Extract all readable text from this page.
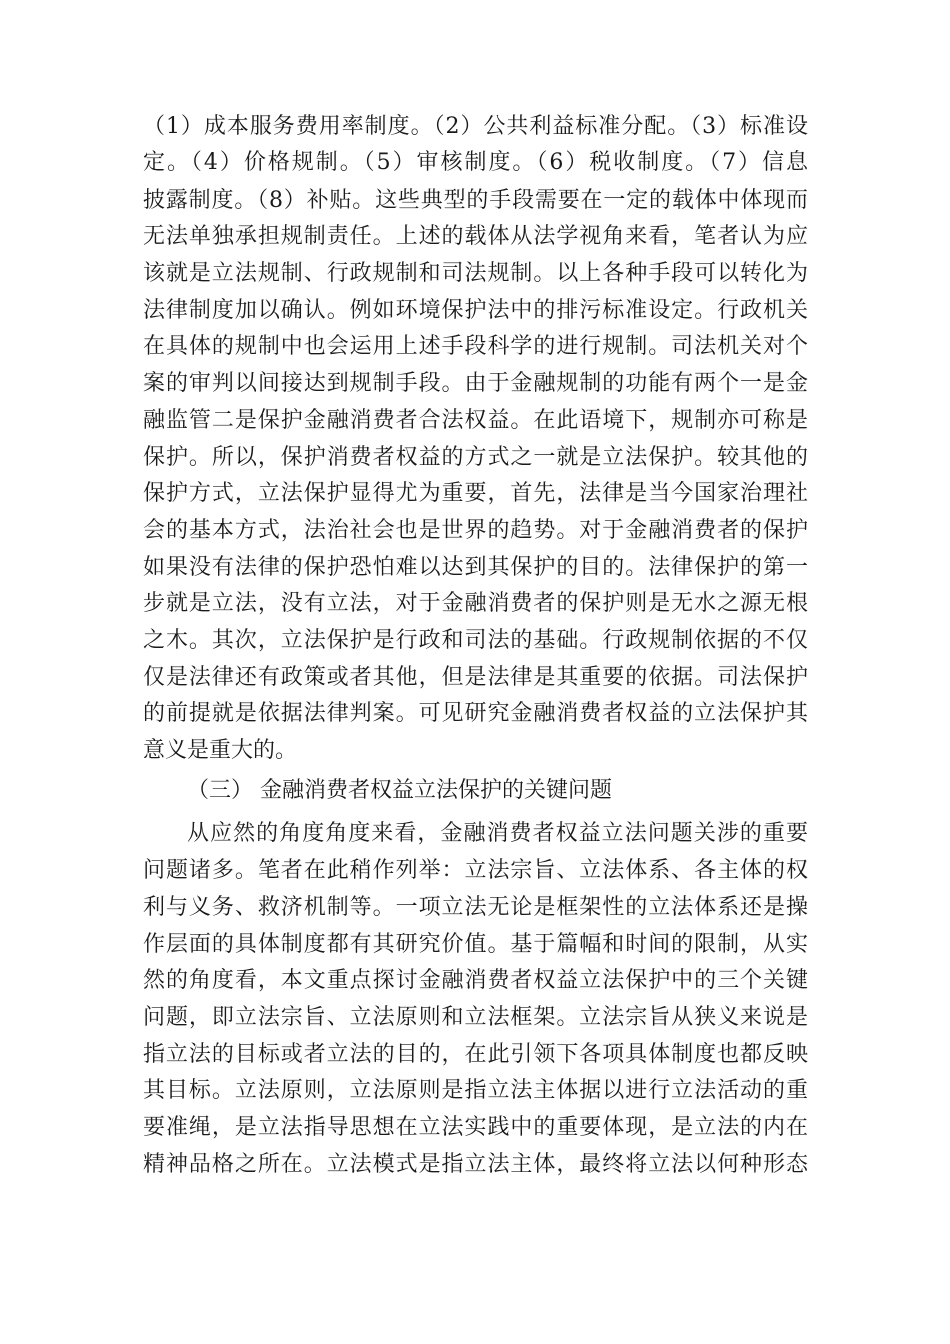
（1）成本服务费用率制度。（2）公共利益标准分配。（3）标准设
定。（4）价格规制。（5）审核制度。（6）税收制度。（7）信息
披露制度。（8）补贴。这些典型的手段需要在一定的载体中体现而
无法单独承担规制责任。上述的载体从法学视角来看，笔者认为应
该就是立法规制、行政规制和司法规制。以上各种手段可以转化为
法律制度加以确认。例如环境保护法中的排污标准设定。行政机关
在具体的规制中也会运用上述手段科学的进行规制。司法机关对个
案的审判以间接达到规制手段。由于金融规制的功能有两个一是金
融监管二是保护金融消费者合法权益。在此语境下，规制亦可称是
保护。所以，保护消费者权益的方式之一就是立法保护。较其他的
保护方式，立法保护显得尤为重要，首先，法律是当今国家治理社
会的基本方式，法治社会也是世界的趋势。对于金融消费者的保护
如果没有法律的保护恐怕难以达到其保护的目的。法律保护的第一
步就是立法，没有立法，对于金融消费者的保护则是无水之源无根
之木。其次，立法保护是行政和司法的基础。行政规制依据的不仅
仅是法律还有政策或者其他，但是法律是其重要的依据。司法保护
的前提就是依据法律判案。可见研究金融消费者权益的立法保护其
意义是重大的。
（三） 金融消费者权益立法保护的关键问题
从应然的角度角度来看，金融消费者权益立法问题关涉的重要
问题诸多。笔者在此稍作列举：立法宗旨、立法体系、各主体的权
利与义务、救济机制等。一项立法无论是框架性的立法体系还是操
作层面的具体制度都有其研究价值。基于篇幅和时间的限制，从实
然的角度看，本文重点探讨金融消费者权益立法保护中的三个关键
问题，即立法宗旨、立法原则和立法框架。立法宗旨从狭义来说是
指立法的目标或者立法的目的，在此引领下各项具体制度也都反映
其目标。立法原则，立法原则是指立法主体据以进行立法活动的重
要准绳，是立法指导思想在立法实践中的重要体现，是立法的内在
精神品格之所在。立法模式是指立法主体，最终将立法以何种形态
